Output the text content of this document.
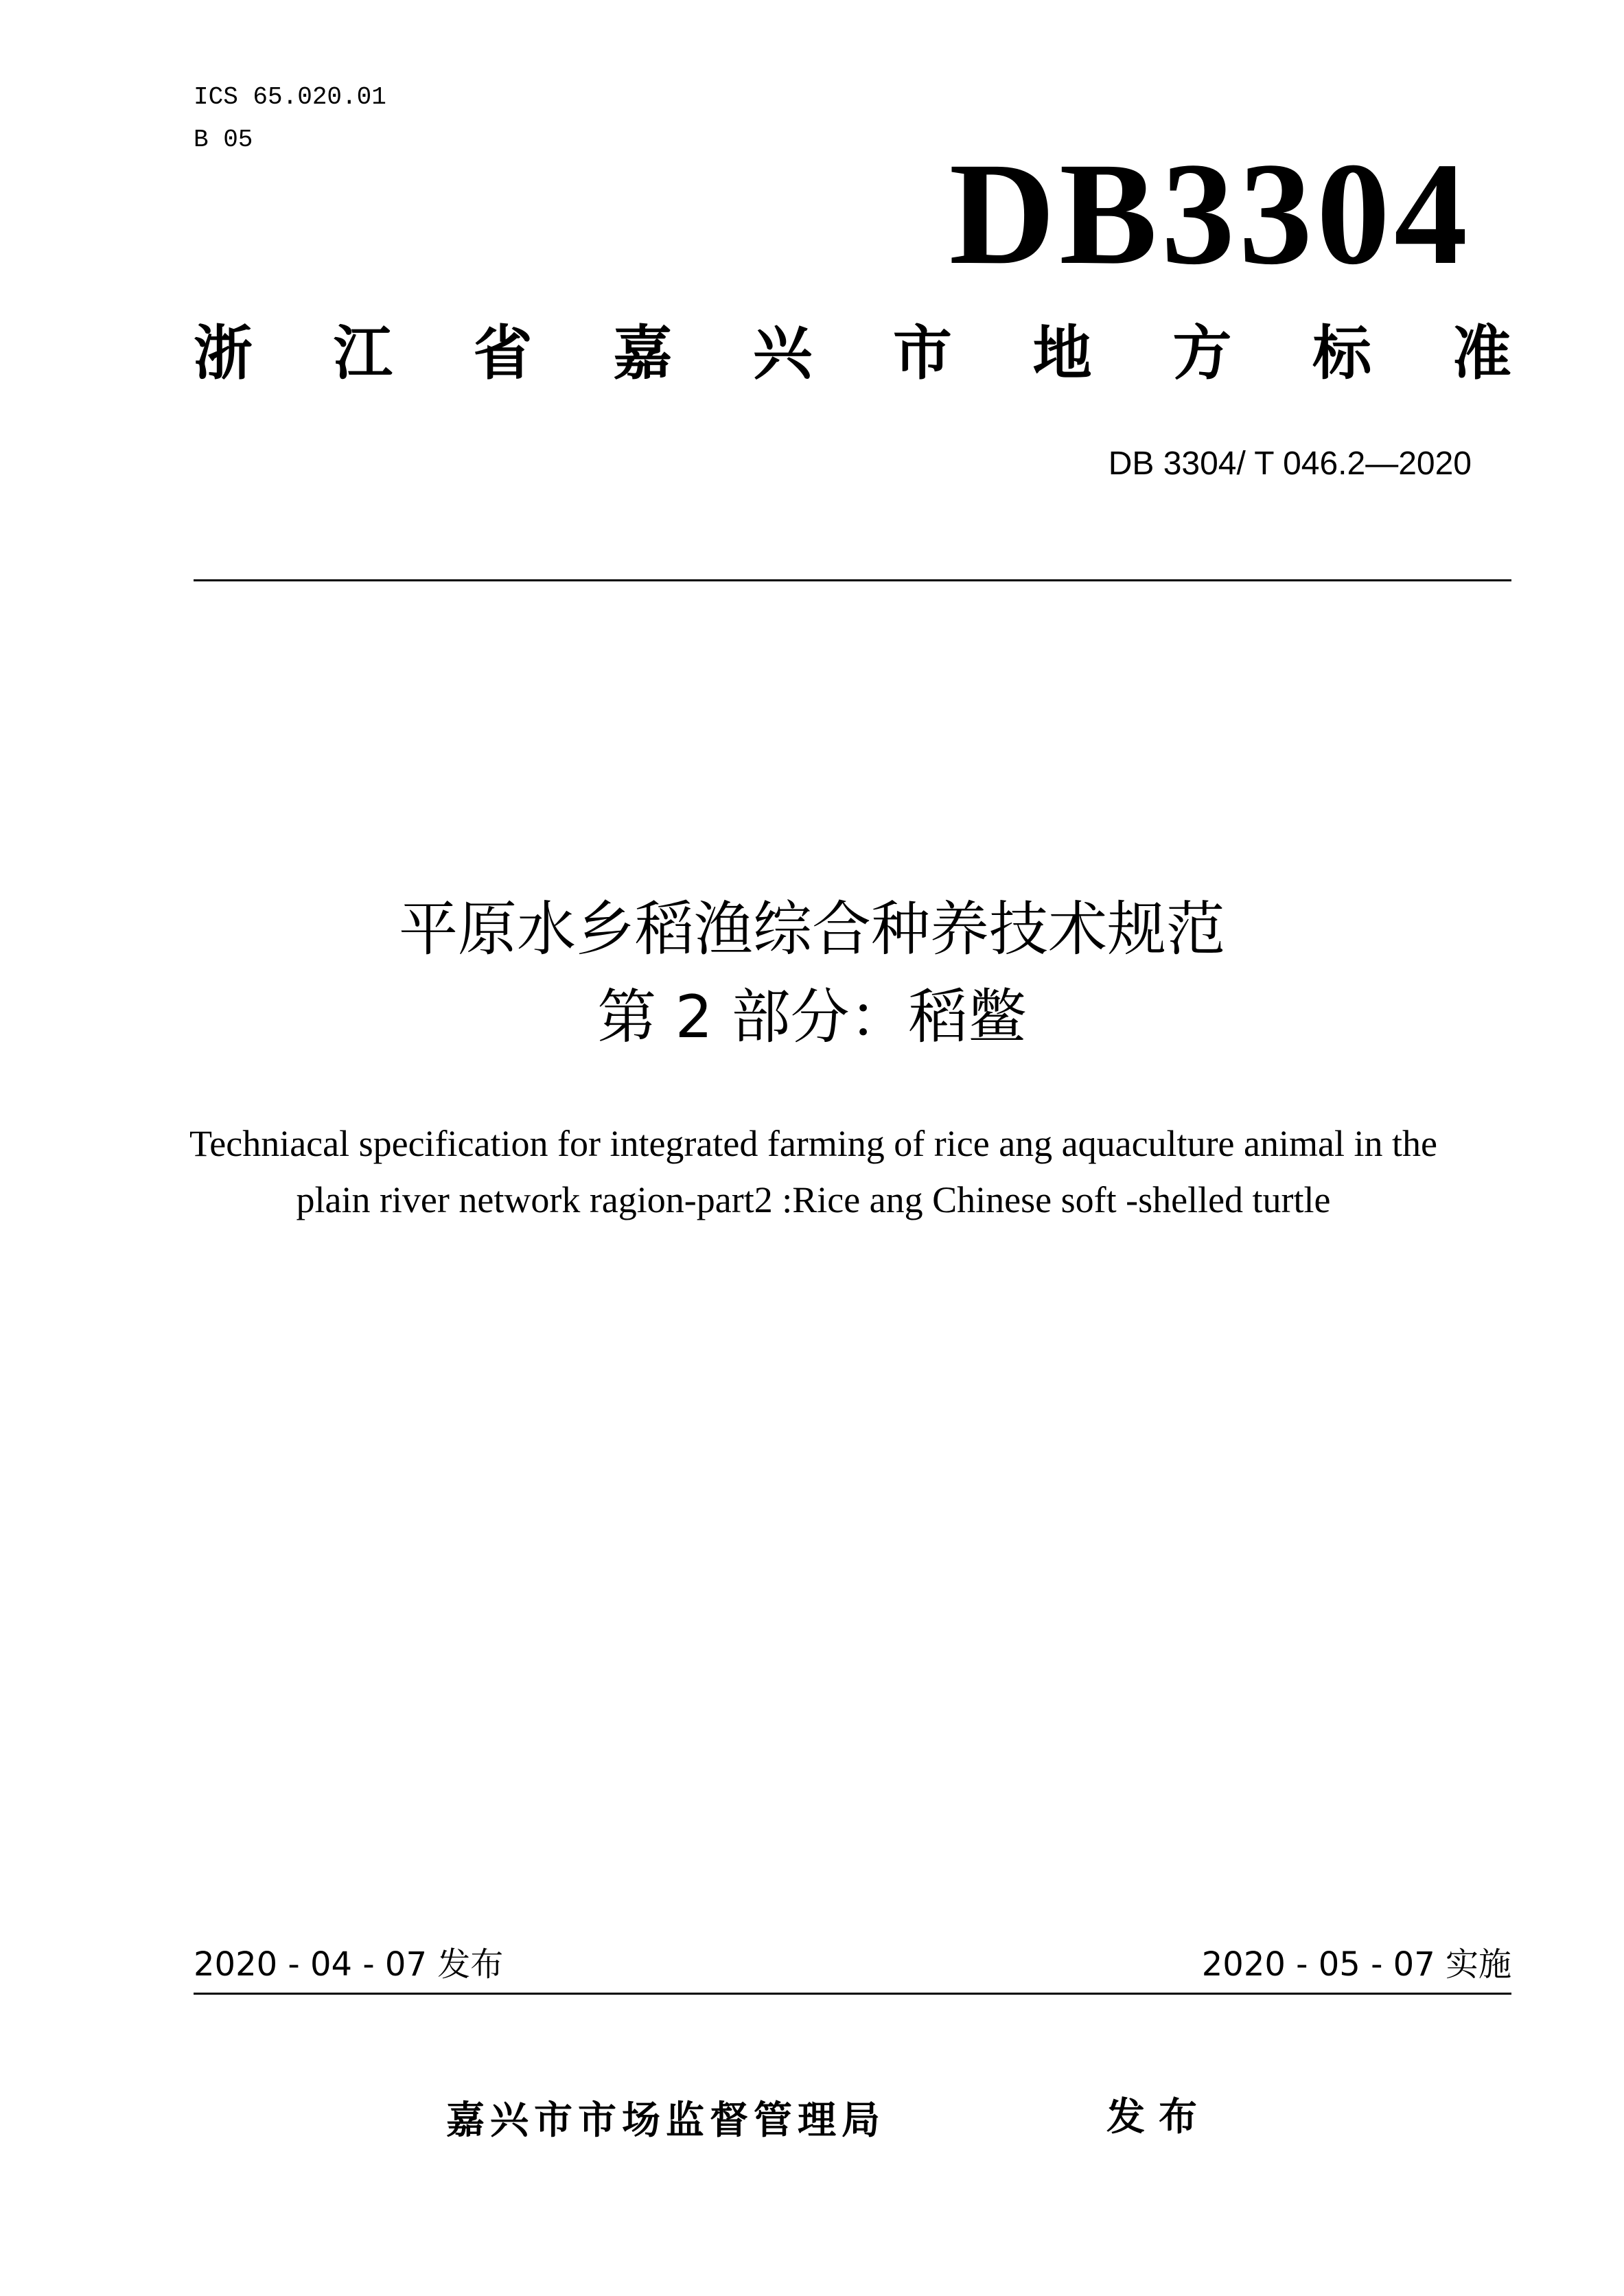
ICS 65.020.01
B 05	DB3304
浙 江 省 嘉 兴 市 地 方 标 准
DB 3304/ T 046.2—2020
平原水乡稻渔综合种养技术规范
第 2 部分：稻鳖
Techniacal specification for integrated farming of rice ang aquaculture animal in the
plain river network ragion-part2 :Rice ang Chinese soft -shelled turtle
2020 - 04 - 07 发布	2020 - 05 - 07 实施
嘉兴市市场监督管理局	发布
